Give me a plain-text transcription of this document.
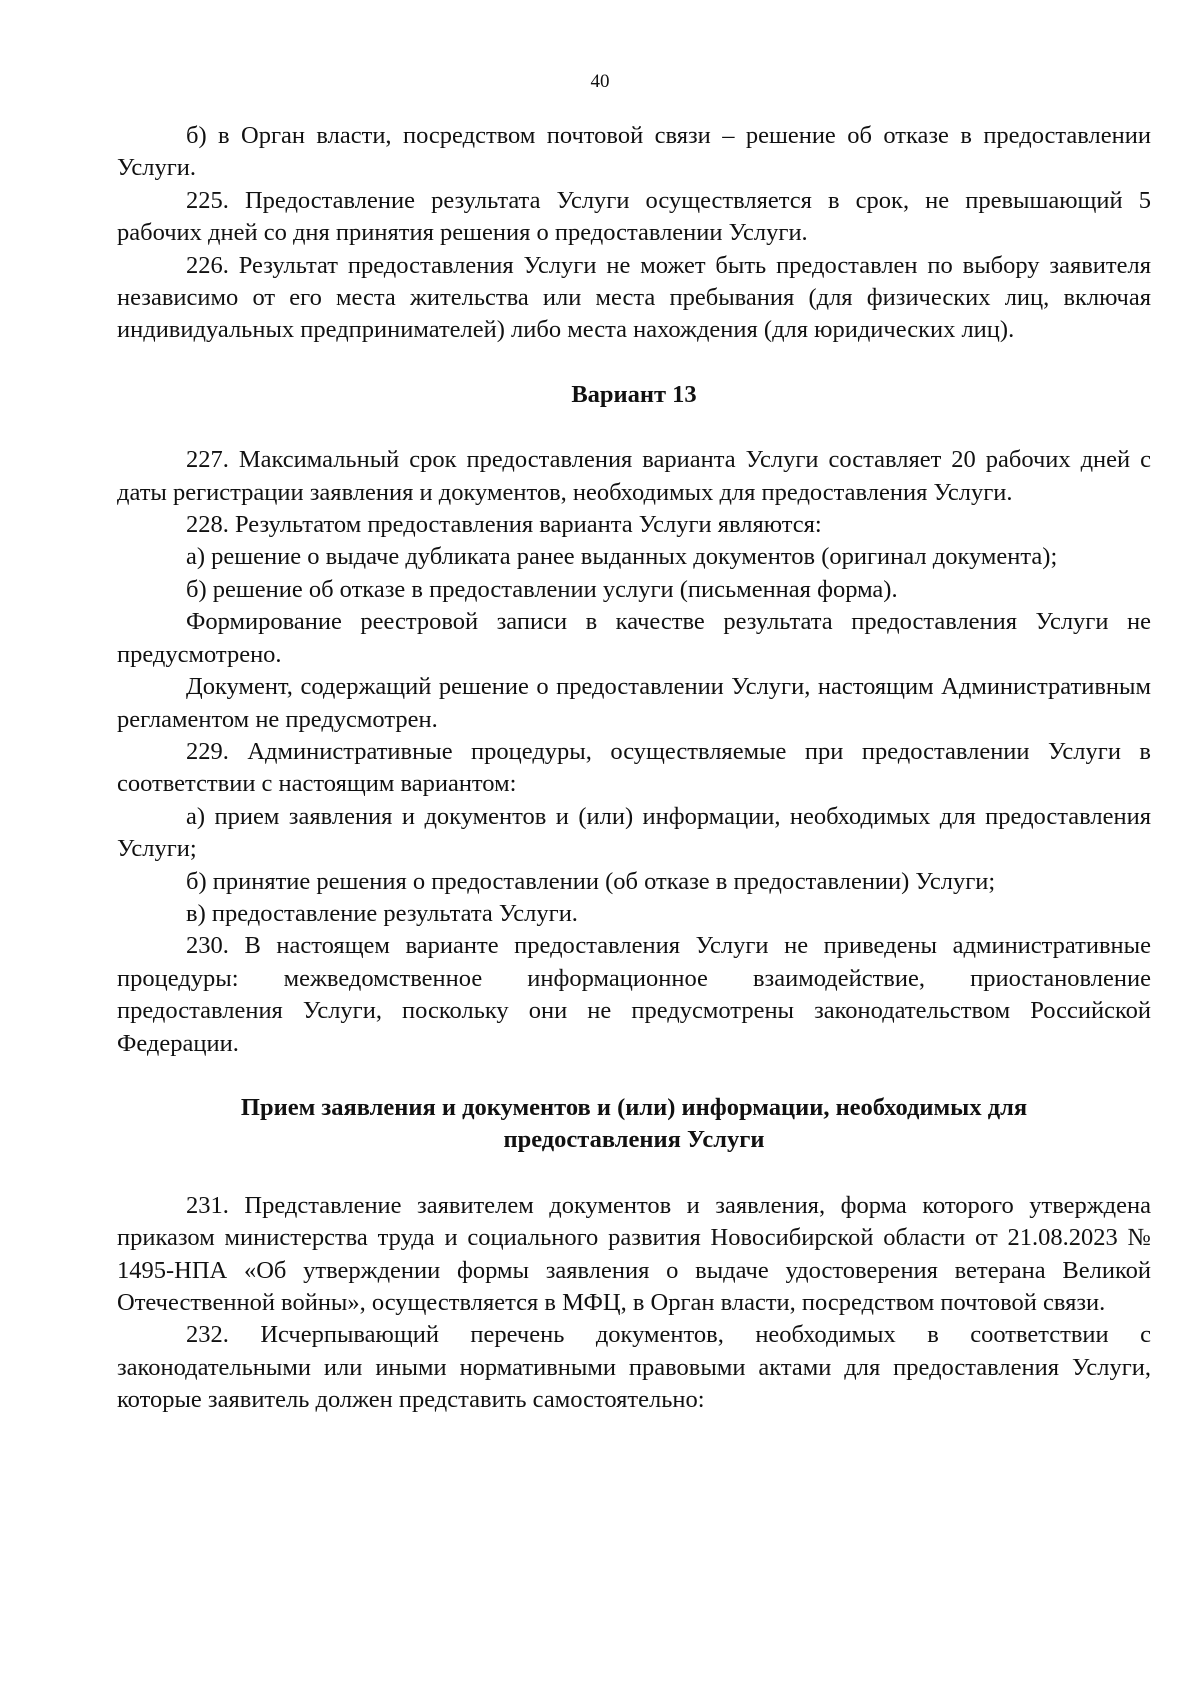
40

б) в Орган власти, посредством почтовой связи – решение об отказе в предоставлении Услуги.

225. Предоставление результата Услуги осуществляется в срок, не превышающий 5 рабочих дней со дня принятия решения о предоставлении Услуги.

226. Результат предоставления Услуги не может быть предоставлен по выбору заявителя независимо от его места жительства или места пребывания (для физических лиц, включая индивидуальных предпринимателей) либо места нахождения (для юридических лиц).

Вариант 13

227. Максимальный срок предоставления варианта Услуги составляет 20 рабочих дней с даты регистрации заявления и документов, необходимых для предоставления Услуги.

228. Результатом предоставления варианта Услуги являются:

а) решение о выдаче дубликата ранее выданных документов (оригинал документа);

б) решение об отказе в предоставлении услуги (письменная форма).

Формирование реестровой записи в качестве результата предоставления Услуги не предусмотрено.

Документ, содержащий решение о предоставлении Услуги, настоящим Административным регламентом не предусмотрен.

229. Административные процедуры, осуществляемые при предоставлении Услуги в соответствии с настоящим вариантом:

а) прием заявления и документов и (или) информации, необходимых для предоставления Услуги;

б) принятие решения о предоставлении (об отказе в предоставлении) Услуги;

в) предоставление результата Услуги.

230. В настоящем варианте предоставления Услуги не приведены административные процедуры: межведомственное информационное взаимодействие, приостановление предоставления Услуги, поскольку они не предусмотрены законодательством Российской Федерации.

Прием заявления и документов и (или) информации, необходимых для
предоставления Услуги

231. Представление заявителем документов и заявления, форма которого утверждена приказом министерства труда и социального развития Новосибирской области от 21.08.2023 № 1495-НПА «Об утверждении формы заявления о выдаче удостоверения ветерана Великой Отечественной войны», осуществляется в МФЦ, в Орган власти, посредством почтовой связи.

232. Исчерпывающий перечень документов, необходимых в соответствии с законодательными или иными нормативными правовыми актами для предоставления Услуги, которые заявитель должен представить самостоятельно:
